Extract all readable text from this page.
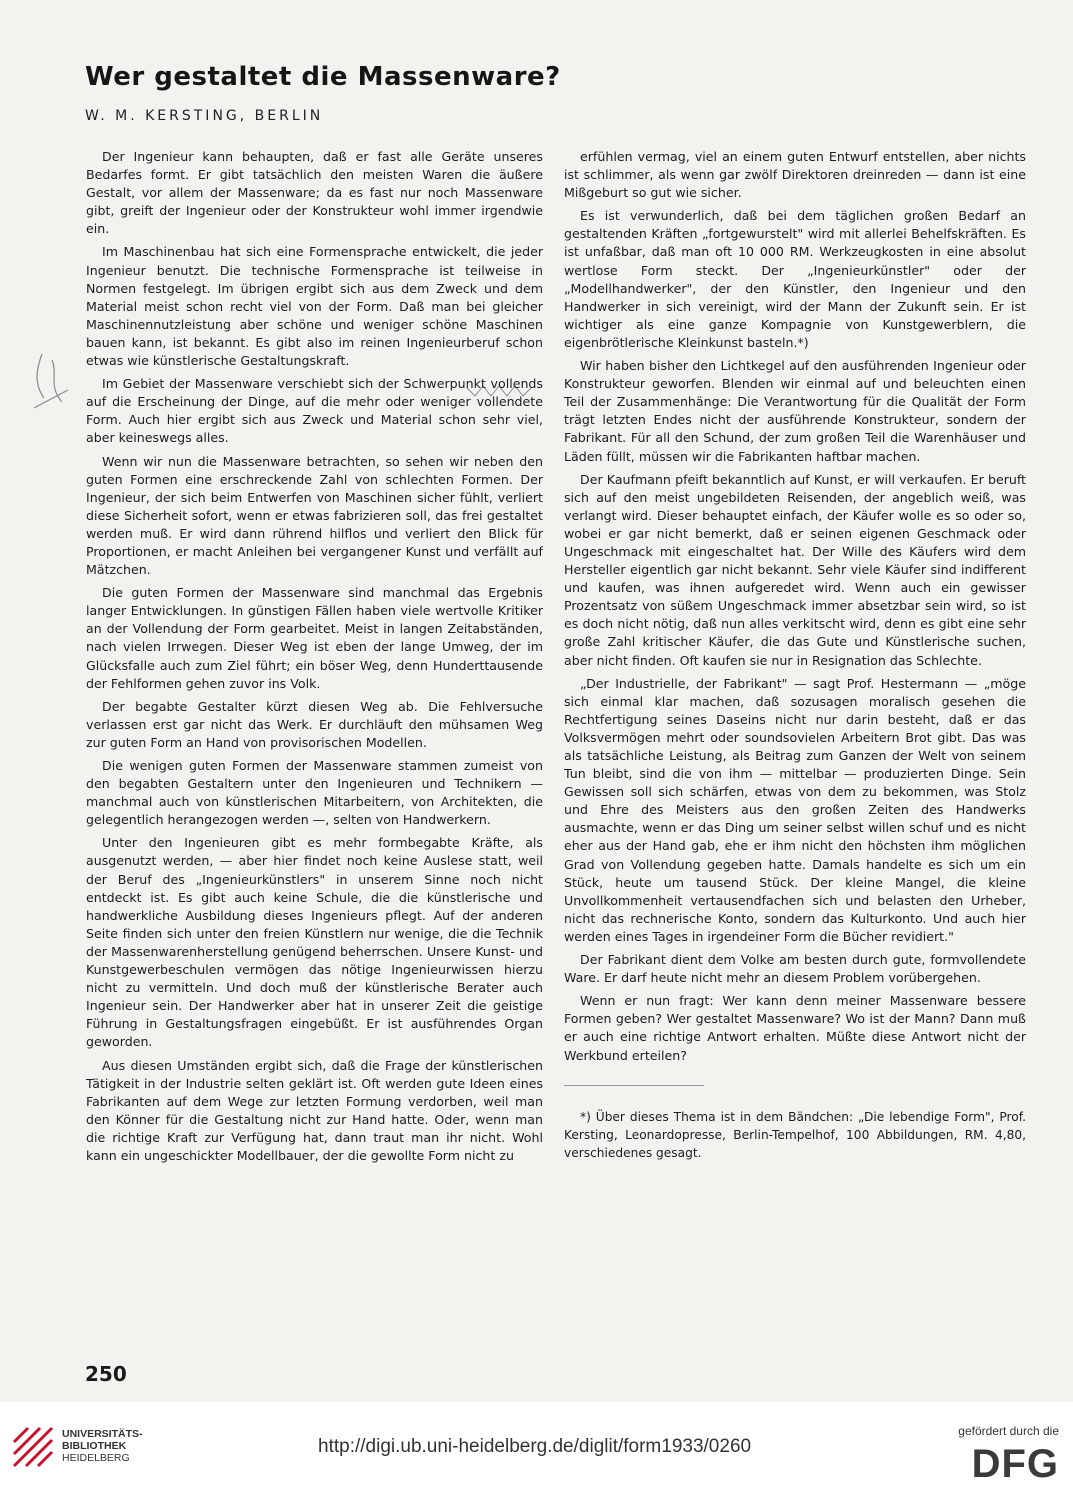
Wer gestaltet die Massenware?
W. M. KERSTING, BERLIN

Der Ingenieur kann behaupten, daß er fast alle Geräte unseres Bedarfes formt. Er gibt tatsächlich den meisten Waren die äußere Gestalt, vor allem der Massenware; da es fast nur noch Massenware gibt, greift der Ingenieur oder der Konstrukteur wohl immer irgendwie ein.

Im Maschinenbau hat sich eine Formensprache entwickelt, die jeder Ingenieur benutzt. Die technische Formensprache ist teilweise in Normen festgelegt. Im übrigen ergibt sich aus dem Zweck und dem Material meist schon recht viel von der Form. Daß man bei gleicher Maschinennutzleistung aber schöne und weniger schöne Maschinen bauen kann, ist bekannt. Es gibt also im reinen Ingenieurberuf schon etwas wie künstlerische Gestaltungskraft.

Im Gebiet der Massenware verschiebt sich der Schwerpunkt vollends auf die Erscheinung der Dinge, auf die mehr oder weniger vollendete Form. Auch hier ergibt sich aus Zweck und Material schon sehr viel, aber keineswegs alles.

Wenn wir nun die Massenware betrachten, so sehen wir neben den guten Formen eine erschreckende Zahl von schlechten Formen. Der Ingenieur, der sich beim Entwerfen von Maschinen sicher fühlt, verliert diese Sicherheit sofort, wenn er etwas fabrizieren soll, das frei gestaltet werden muß. Er wird dann rührend hilflos und verliert den Blick für Proportionen, er macht Anleihen bei vergangener Kunst und verfällt auf Mätzchen.

Die guten Formen der Massenware sind manchmal das Ergebnis langer Entwicklungen. In günstigen Fällen haben viele wertvolle Kritiker an der Vollendung der Form gearbeitet. Meist in langen Zeitabständen, nach vielen Irrwegen. Dieser Weg ist eben der lange Umweg, der im Glücksfalle auch zum Ziel führt; ein böser Weg, denn Hunderttausende der Fehlformen gehen zuvor ins Volk.

Der begabte Gestalter kürzt diesen Weg ab. Die Fehlversuche verlassen erst gar nicht das Werk. Er durchläuft den mühsamen Weg zur guten Form an Hand von provisorischen Modellen.

Die wenigen guten Formen der Massenware stammen zumeist von den begabten Gestaltern unter den Ingenieuren und Technikern — manchmal auch von künstlerischen Mitarbeitern, von Architekten, die gelegentlich herangezogen werden —, selten von Handwerkern.

Unter den Ingenieuren gibt es mehr formbegabte Kräfte, als ausgenutzt werden, — aber hier findet noch keine Auslese statt, weil der Beruf des „Ingenieurkünstlers" in unserem Sinne noch nicht entdeckt ist. Es gibt auch keine Schule, die die künstlerische und handwerkliche Ausbildung dieses Ingenieurs pflegt. Auf der anderen Seite finden sich unter den freien Künstlern nur wenige, die die Technik der Massenwarenherstellung genügend beherrschen. Unsere Kunst- und Kunstgewerbeschulen vermögen das nötige Ingenieurwissen hierzu nicht zu vermitteln. Und doch muß der künstlerische Berater auch Ingenieur sein. Der Handwerker aber hat in unserer Zeit die geistige Führung in Gestaltungsfragen eingebüßt. Er ist ausführendes Organ geworden.

Aus diesen Umständen ergibt sich, daß die Frage der künstlerischen Tätigkeit in der Industrie selten geklärt ist. Oft werden gute Ideen eines Fabrikanten auf dem Wege zur letzten Formung verdorben, weil man den Könner für die Gestaltung nicht zur Hand hatte. Oder, wenn man die richtige Kraft zur Verfügung hat, dann traut man ihr nicht. Wohl kann ein ungeschickter Modellbauer, der die gewollte Form nicht zu

erfühlen vermag, viel an einem guten Entwurf entstellen, aber nichts ist schlimmer, als wenn gar zwölf Direktoren dreinreden — dann ist eine Mißgeburt so gut wie sicher.

Es ist verwunderlich, daß bei dem täglichen großen Bedarf an gestaltenden Kräften „fortgewurstelt" wird mit allerlei Behelfskräften. Es ist unfaßbar, daß man oft 10 000 RM. Werkzeugkosten in eine absolut wertlose Form steckt. Der „Ingenieurkünstler" oder der „Modellhandwerker", der den Künstler, den Ingenieur und den Handwerker in sich vereinigt, wird der Mann der Zukunft sein. Er ist wichtiger als eine ganze Kompagnie von Kunstgewerblern, die eigenbrötlerische Kleinkunst basteln.*)

Wir haben bisher den Lichtkegel auf den ausführenden Ingenieur oder Konstrukteur geworfen. Blenden wir einmal auf und beleuchten einen Teil der Zusammenhänge: Die Verantwortung für die Qualität der Form trägt letzten Endes nicht der ausführende Konstrukteur, sondern der Fabrikant. Für all den Schund, der zum großen Teil die Warenhäuser und Läden füllt, müssen wir die Fabrikanten haftbar machen.

Der Kaufmann pfeift bekanntlich auf Kunst, er will verkaufen. Er beruft sich auf den meist ungebildeten Reisenden, der angeblich weiß, was verlangt wird. Dieser behauptet einfach, der Käufer wolle es so oder so, wobei er gar nicht bemerkt, daß er seinen eigenen Geschmack oder Ungeschmack mit eingeschaltet hat. Der Wille des Käufers wird dem Hersteller eigentlich gar nicht bekannt. Sehr viele Käufer sind indifferent und kaufen, was ihnen aufgeredet wird. Wenn auch ein gewisser Prozentsatz von süßem Ungeschmack immer absetzbar sein wird, so ist es doch nicht nötig, daß nun alles verkitscht wird, denn es gibt eine sehr große Zahl kritischer Käufer, die das Gute und Künstlerische suchen, aber nicht finden. Oft kaufen sie nur in Resignation das Schlechte.

„Der Industrielle, der Fabrikant" — sagt Prof. Hestermann — „möge sich einmal klar machen, daß sozusagen moralisch gesehen die Rechtfertigung seines Daseins nicht nur darin besteht, daß er das Volksvermögen mehrt oder soundsovielen Arbeitern Brot gibt. Das was als tatsächliche Leistung, als Beitrag zum Ganzen der Welt von seinem Tun bleibt, sind die von ihm — mittelbar — produzierten Dinge. Sein Gewissen soll sich schärfen, etwas von dem zu bekommen, was Stolz und Ehre des Meisters aus den großen Zeiten des Handwerks ausmachte, wenn er das Ding um seiner selbst willen schuf und es nicht eher aus der Hand gab, ehe er ihm nicht den höchsten ihm möglichen Grad von Vollendung gegeben hatte. Damals handelte es sich um ein Stück, heute um tausend Stück. Der kleine Mangel, die kleine Unvollkommenheit vertausendfachen sich und belasten den Urheber, nicht das rechnerische Konto, sondern das Kulturkonto. Und auch hier werden eines Tages in irgendeiner Form die Bücher revidiert."

Der Fabrikant dient dem Volke am besten durch gute, formvollendete Ware. Er darf heute nicht mehr an diesem Problem vorübergehen.

Wenn er nun fragt: Wer kann denn meiner Massenware bessere Formen geben? Wer gestaltet Massenware? Wo ist der Mann? Dann muß er auch eine richtige Antwort erhalten. Müßte diese Antwort nicht der Werkbund erteilen?

*) Über dieses Thema ist in dem Bändchen: „Die lebendige Form", Prof. Kersting, Leonardopresse, Berlin-Tempelhof, 100 Abbildungen, RM. 4,80, verschiedenes gesagt.

250
UNIVERSITÄTS-
BIBLIOTHEK
HEIDELBERG
http://digi.ub.uni-heidelberg.de/diglit/form1933/0260
gefördert durch die
DFG
